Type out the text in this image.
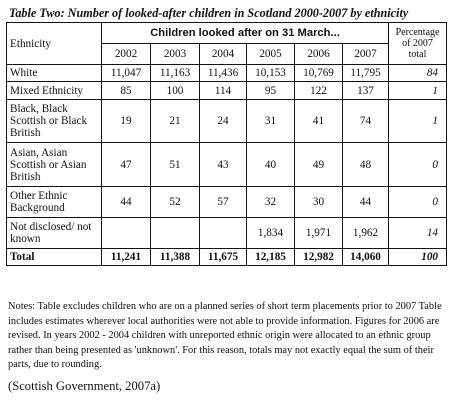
Table Two: Number of looked-after children in Scotland 2000-2007 by ethnicity
Ethnicity	Children looked after on 31 March...						Percentage of 2007 total
	2002	2003	2004	2005	2006	2007	
White	11,047	11,163	11,436	10,153	10,769	11,795	84
Mixed Ethnicity	85	100	114	95	122	137	1
Black, Black Scottish or Black British	19	21	24	31	41	74	1
Asian, Asian Scottish or Asian British	47	51	43	40	49	48	0
Other Ethnic Background	44	52	57	32	30	44	0
Not disclosed/ not known				1,834	1,971	1,962	14
Total	11,241	11,388	11,675	12,185	12,982	14,060	100
Notes: Table excludes children who are on a planned series of short term placements prior to 2007 Table includes estimates wherever local authorities were not able to provide information. Figures for 2006 are revised. In years 2002 - 2004 children with unreported ethnic origin were allocated to an ethnic group rather than being presented as 'unknown'. For this reason, totals may not exactly equal the sum of their parts, due to rounding.
(Scottish Government, 2007a)
